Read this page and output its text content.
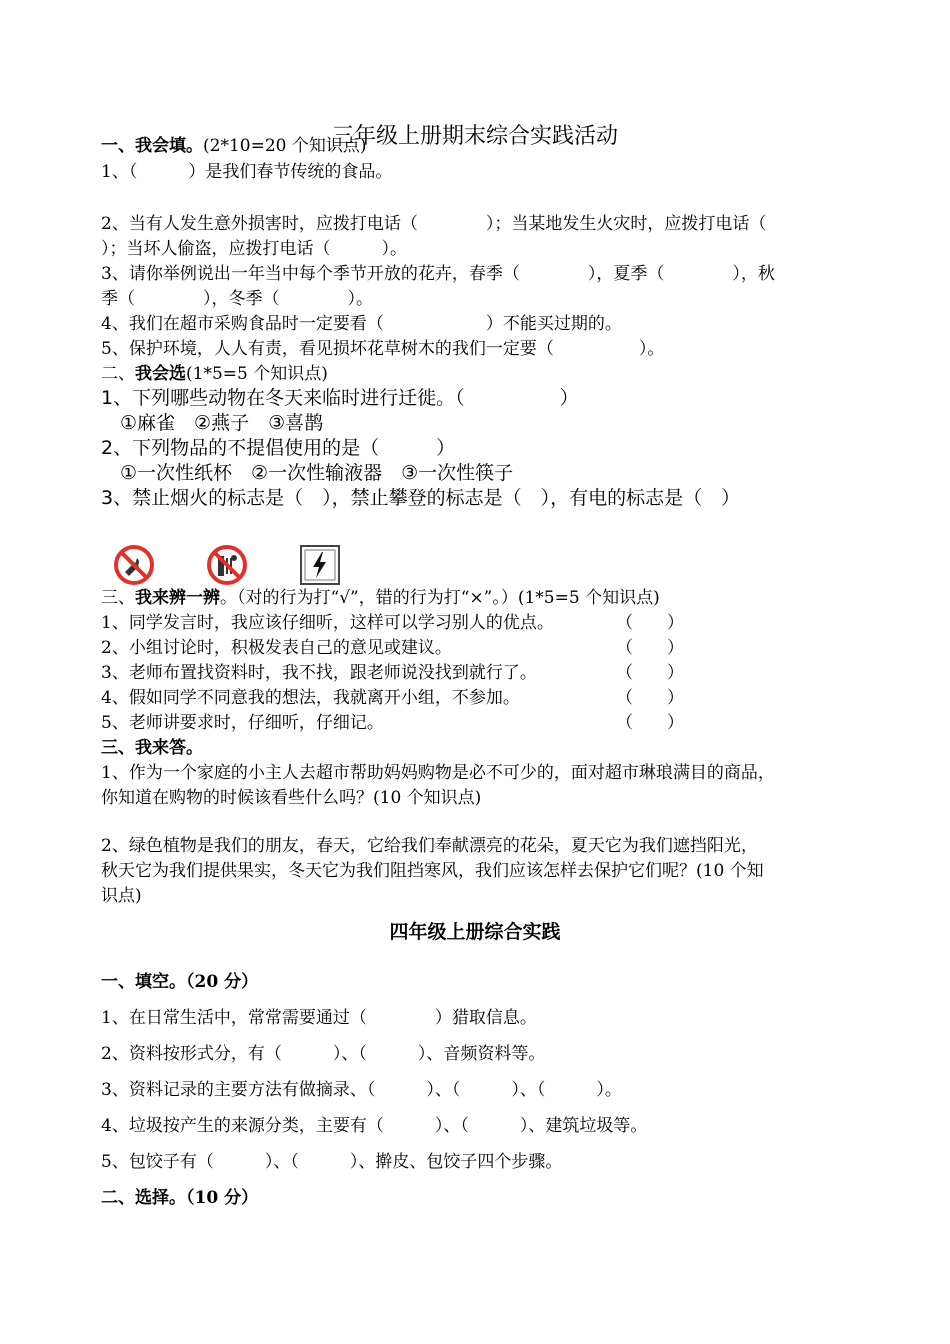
三年级上册期末综合实践活动
一、我会填。(2*10=20 个知识点)
1、（　　　）是我们春节传统的食品。
2、当有人发生意外损害时，应拨打电话（　　　　）；当某地发生火灾时，应拨打电话（
）；当坏人偷盗，应拨打电话（　　　）。
3、请你举例说出一年当中每个季节开放的花卉，春季（　　　　），夏季（　　　　），秋
季（　　　　），冬季（　　　　）。
4、我们在超市采购食品时一定要看（　　　　　　）不能买过期的。
5、保护环境，人人有责，看见损坏花草树木的我们一定要（　　　　　）。
二、我会选(1*5=5 个知识点)
1、下列哪些动物在冬天来临时进行迁徙。（　　　　　）
①麻雀　②燕子　③喜鹊
2、下列物品的不提倡使用的是（　　　）
①一次性纸杯　②一次性输液器　③一次性筷子
3、禁止烟火的标志是（　），禁止攀登的标志是（　），有电的标志是（　）
三、我来辨一辨。（对的行为打“√”，错的行为打“×”。）(1*5=5 个知识点)
1、同学发言时，我应该仔细听，这样可以学习别人的优点。	（　　）
2、小组讨论时，积极发表自己的意见或建议。	（　　）
3、老师布置找资料时，我不找，跟老师说没找到就行了。	（　　）
4、假如同学不同意我的想法，我就离开小组，不参加。	（　　）
5、老师讲要求时，仔细听，仔细记。	（　　）
三、我来答。
1、作为一个家庭的小主人去超市帮助妈妈购物是必不可少的，面对超市琳琅满目的商品，
你知道在购物的时候该看些什么吗？(10 个知识点)
2、绿色植物是我们的朋友，春天，它给我们奉献漂亮的花朵，夏天它为我们遮挡阳光，
秋天它为我们提供果实，冬天它为我们阻挡寒风，我们应该怎样去保护它们呢？(10 个知
识点)
四年级上册综合实践
一、填空。（20 分）
1、在日常生活中，常常需要通过（　　　　）猎取信息。
2、资料按形式分，有（　　　）、（　　　）、音频资料等。
3、资料记录的主要方法有做摘录、（　　　）、（　　　）、（　　　）。
4、垃圾按产生的来源分类，主要有（　　　）、（　　　）、建筑垃圾等。
5、包饺子有（　　　）、（　　　）、擀皮、包饺子四个步骤。
二、选择。（10 分）
